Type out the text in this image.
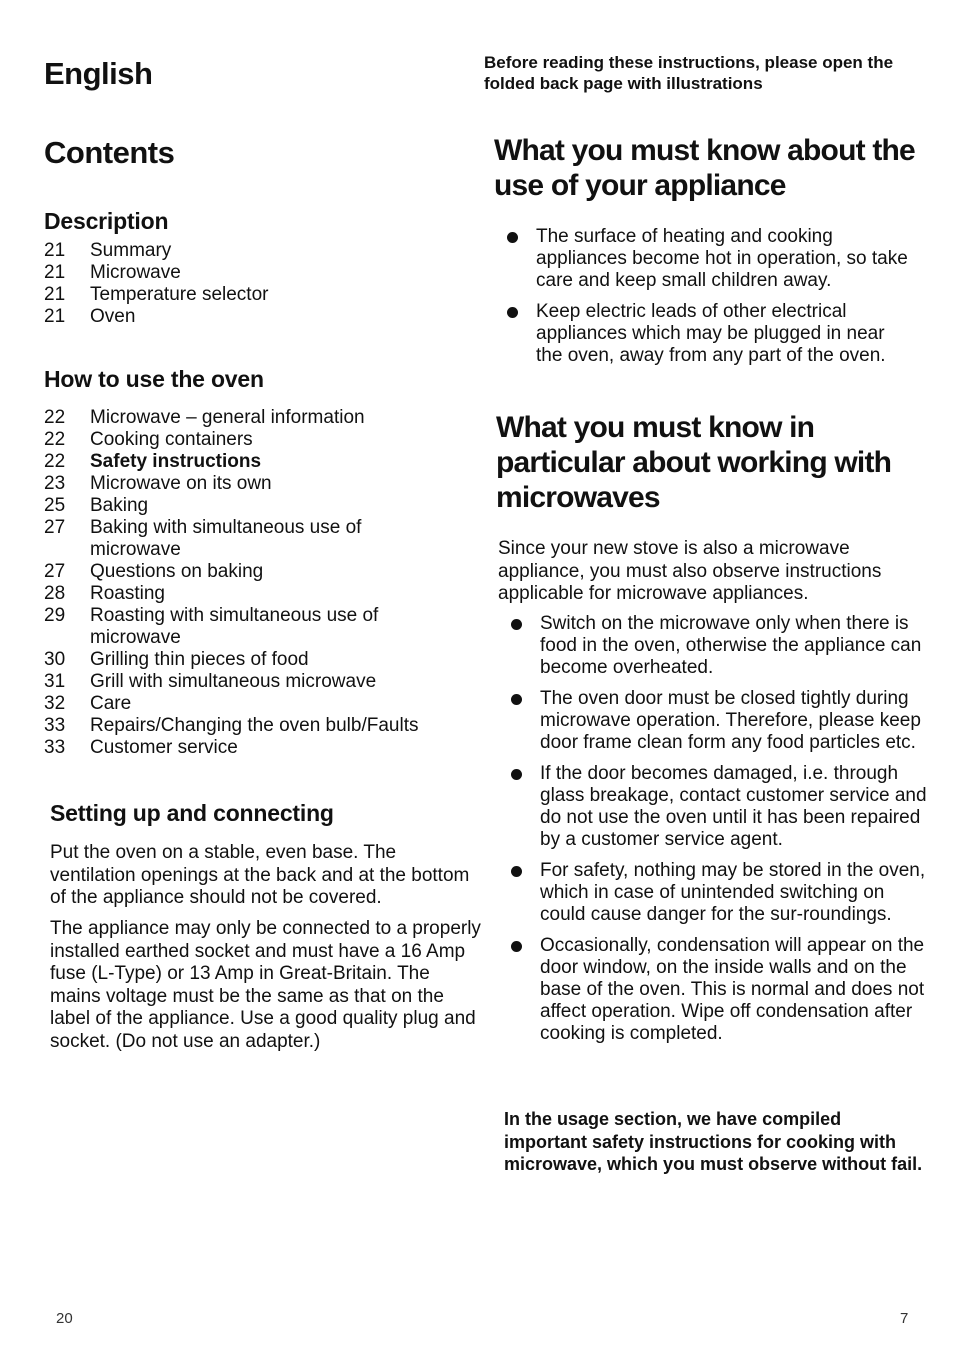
English
Contents
Description
21	Summary
21	Microwave
21	Temperature selector
21	Oven
How to use the oven
22	Microwave – general information
22	Cooking containers
22	Safety instructions
23	Microwave on its own
25	Baking
27	Baking with simultaneous use of microwave
27	Questions on baking
28	Roasting
29	Roasting with simultaneous use of microwave
30	Grilling thin pieces of food
31	Grill with simultaneous microwave
32	Care
33	Repairs/Changing the oven bulb/Faults
33	Customer service
Setting up and connecting
Put the oven on a stable, even base. The ventilation openings at the back and at the bottom of the appliance should not be covered.
The appliance may only be connected to a properly installed earthed socket and must have a 16 Amp fuse (L-Type) or 13 Amp in Great-Britain. The mains voltage must be the same as that on the label of the appliance. Use a good quality plug and socket. (Do not use an adapter.)
Before reading these instructions, please open the folded back page with illustrations
What you must know about the use of your appliance
The surface of heating and cooking appliances become hot in operation, so take care and keep small children away.
Keep electric leads of other electrical appliances which may be plugged in near the oven, away from any part of the oven.
What you must know in particular about working with microwaves
Since your new stove is also a microwave appliance, you must also observe instructions applicable for microwave appliances.
Switch on the microwave only when there is food in the oven, otherwise the appliance can become overheated.
The oven door must be closed tightly during microwave operation. Therefore, please keep door frame clean form any food particles etc.
If the door becomes damaged, i.e. through glass breakage, contact customer service and do not use the oven until it has been repaired by a customer service agent.
For safety, nothing may be stored in the oven, which in case of unintended switching on could cause danger for the sur-roundings.
Occasionally, condensation will appear on the door window, on the inside walls and on the base of the oven. This is normal and does not affect operation. Wipe off condensation after cooking is completed.
In the usage section, we have compiled important safety instructions for cooking with microwave, which you must observe without fail.
20	7
